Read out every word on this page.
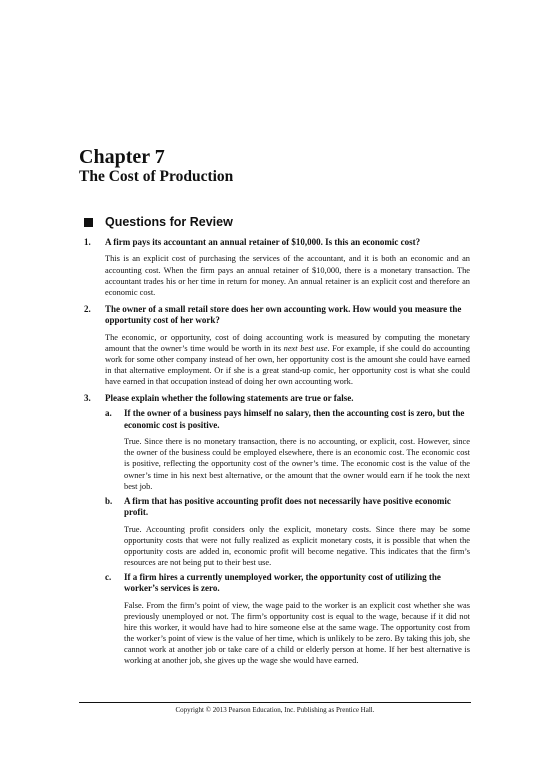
Chapter 7
The Cost of Production
Questions for Review
1. A firm pays its accountant an annual retainer of $10,000. Is this an economic cost?
This is an explicit cost of purchasing the services of the accountant, and it is both an economic and an accounting cost. When the firm pays an annual retainer of $10,000, there is a monetary transaction. The accountant trades his or her time in return for money. An annual retainer is an explicit cost and therefore an economic cost.
2. The owner of a small retail store does her own accounting work. How would you measure the opportunity cost of her work?
The economic, or opportunity, cost of doing accounting work is measured by computing the monetary amount that the owner’s time would be worth in its next best use. For example, if she could do accounting work for some other company instead of her own, her opportunity cost is the amount she could have earned in that alternative employment. Or if she is a great stand-up comic, her opportunity cost is what she could have earned in that occupation instead of doing her own accounting work.
3. Please explain whether the following statements are true or false.
a. If the owner of a business pays himself no salary, then the accounting cost is zero, but the economic cost is positive.
True. Since there is no monetary transaction, there is no accounting, or explicit, cost. However, since the owner of the business could be employed elsewhere, there is an economic cost. The economic cost is positive, reflecting the opportunity cost of the owner’s time. The economic cost is the value of the owner’s time in his next best alternative, or the amount that the owner would earn if he took the next best job.
b. A firm that has positive accounting profit does not necessarily have positive economic profit.
True. Accounting profit considers only the explicit, monetary costs. Since there may be some opportunity costs that were not fully realized as explicit monetary costs, it is possible that when the opportunity costs are added in, economic profit will become negative. This indicates that the firm’s resources are not being put to their best use.
c. If a firm hires a currently unemployed worker, the opportunity cost of utilizing the worker’s services is zero.
False. From the firm’s point of view, the wage paid to the worker is an explicit cost whether she was previously unemployed or not. The firm’s opportunity cost is equal to the wage, because if it did not hire this worker, it would have had to hire someone else at the same wage. The opportunity cost from the worker’s point of view is the value of her time, which is unlikely to be zero. By taking this job, she cannot work at another job or take care of a child or elderly person at home. If her best alternative is working at another job, she gives up the wage she would have earned.
Copyright © 2013 Pearson Education, Inc. Publishing as Prentice Hall.
